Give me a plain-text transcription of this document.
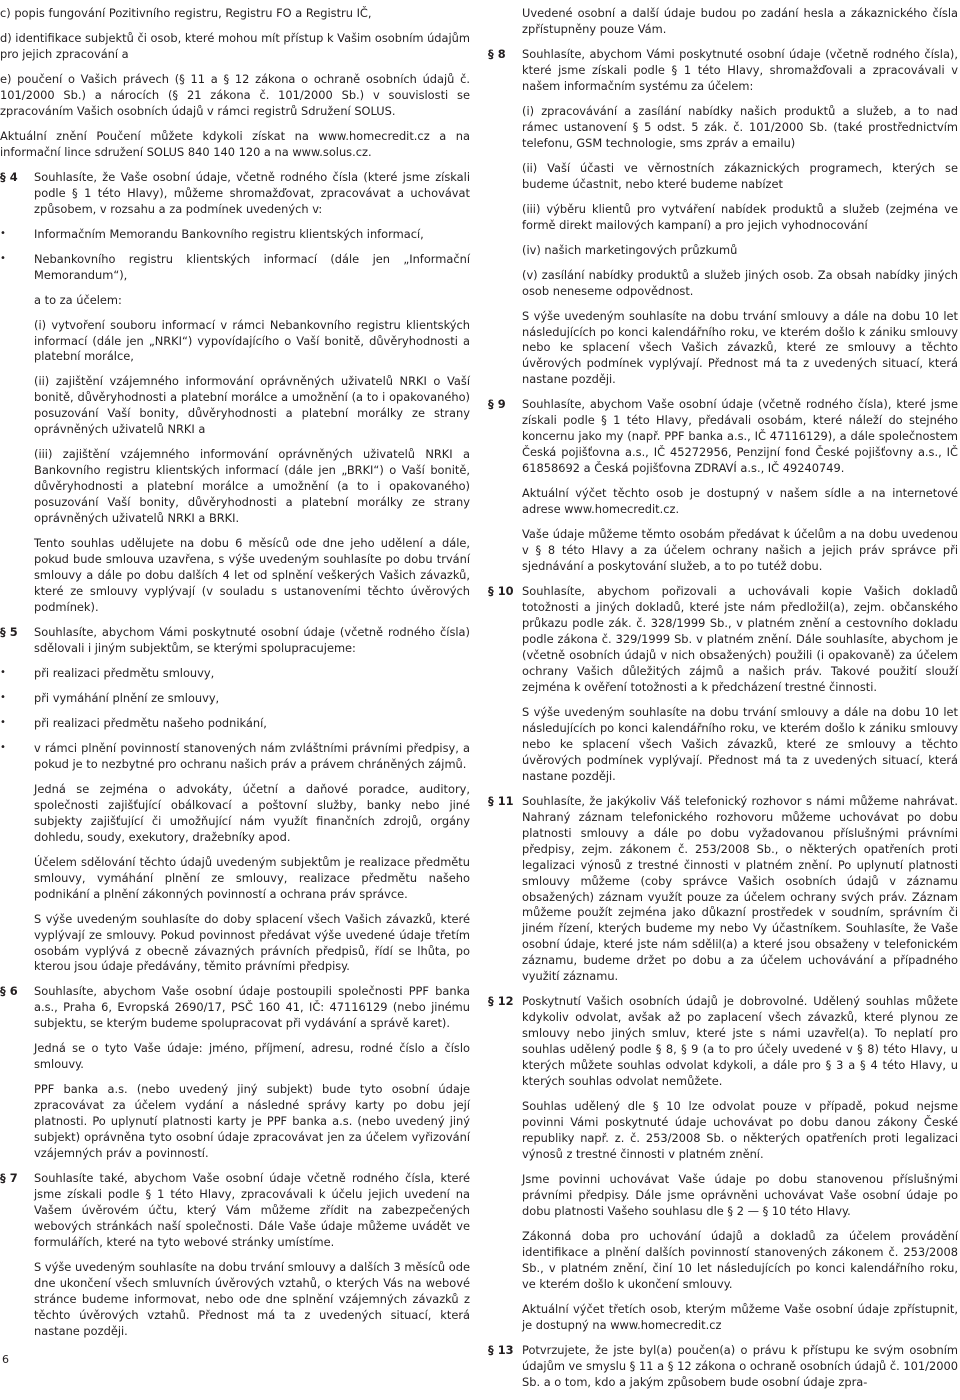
c) popis fungování Pozitivního registru, Registru FO a Registru IČ,

d) identifikace subjektů či osob, které mohou mít přístup k Vašim osobním údajům pro jejich zpracování a

e) poučení o Vašich právech (§ 11 a § 12 zákona o ochraně osobních údajů č. 101/2000 Sb.) a nárocích (§ 21 zákona č. 101/2000 Sb.) v souvislosti se zpracováním Vašich osobních údajů v rámci registrů Sdružení SOLUS.

Aktuální znění Poučení můžete kdykoli získat na www.homecredit.cz a na informační lince sdružení SOLUS 840 140 120 a na www.solus.cz.

§ 4	Souhlasíte, že Vaše osobní údaje, včetně rodného čísla (které jsme získali podle § 1 této Hlavy), můžeme shromažďovat, zpracovávat a uchovávat způsobem, v rozsahu a za podmínek uvedených v:

• Informačním Memorandu Bankovního registru klientských informací,
• Nebankovního registru klientských informací (dále jen „Informační Memorandum“),

a to za účelem:

(i) vytvoření souboru informací v rámci Nebankovního registru klientských informací (dále jen „NRKI“) vypovídajícího o Vaší bonitě, důvěryhodnosti a platební morálce,

(ii) zajištění vzájemného informování oprávněných uživatelů NRKI o Vaší bonitě, důvěryhodnosti a platební morálce a umožnění (a to i opakovaného) posuzování Vaší bonity, důvěryhodnosti a platební morálky ze strany oprávněných uživatelů NRKI a

(iii) zajištění vzájemného informování oprávněných uživatelů NRKI a Bankovního registru klientských informací (dále jen „BRKI“) o Vaší bonitě, důvěryhodnosti a platební morálce a umožnění (a to i opakovaného) posuzování Vaší bonity, důvěryhodnosti a platební morálky ze strany oprávněných uživatelů NRKI a BRKI.

Tento souhlas udělujete na dobu 6 měsíců ode dne jeho udělení a dále, pokud bude smlouva uzavřena, s výše uvedeným souhlasíte po dobu trvání smlouvy a dále po dobu dalších 4 let od splnění veškerých Vašich závazků, které ze smlouvy vyplývají (v souladu s ustanoveními těchto úvěrových podmínek).

§ 5	Souhlasíte, abychom Vámi poskytnuté osobní údaje (včetně rodného čísla) sdělovali i jiným subjektům, se kterými spolupracujeme:

• při realizaci předmětu smlouvy,
• při vymáhání plnění ze smlouvy,
• při realizaci předmětu našeho podnikání,
• v rámci plnění povinností stanovených nám zvláštními právními předpisy, a pokud je to nezbytné pro ochranu našich práv a právem chráněných zájmů.

Jedná se zejména o advokáty, účetní a daňové poradce, auditory, společnosti zajišťující obálkovací a poštovní služby, banky nebo jiné subjekty zajišťující či umožňující nám využít finančních zdrojů, orgány dohledu, soudy, exekutory, dražebníky apod.

Účelem sdělování těchto údajů uvedeným subjektům je realizace předmětu smlouvy, vymáhání plnění ze smlouvy, realizace předmětu našeho podnikání a plnění zákonných povinností a ochrana práv správce.

S výše uvedeným souhlasíte do doby splacení všech Vašich závazků, které vyplývají ze smlouvy. Pokud povinnost předávat výše uvedené údaje třetím osobám vyplývá z obecně závazných právních předpisů, řídí se lhůta, po kterou jsou údaje předávány, těmito právními předpisy.

§ 6	Souhlasíte, abychom Vaše osobní údaje postoupili společnosti PPF banka a.s., Praha 6, Evropská 2690/17, PSČ 160 41, IČ: 47116129 (nebo jinému subjektu, se kterým budeme spolupracovat při vydávání a správě karet).

Jedná se o tyto Vaše údaje: jméno, příjmení, adresu, rodné číslo a číslo smlouvy.

PPF banka a.s. (nebo uvedený jiný subjekt) bude tyto osobní údaje zpracovávat za účelem vydání a následné správy karty po dobu její platnosti. Po uplynutí platnosti karty je PPF banka a.s. (nebo uvedený jiný subjekt) oprávněna tyto osobní údaje zpracovávat jen za účelem vyřizování vzájemných práv a povinností.

§ 7	Souhlasíte také, abychom Vaše osobní údaje včetně rodného čísla, které jsme získali podle § 1 této Hlavy, zpracovávali k účelu jejich uvedení na Vašem úvěrovém účtu, který Vám můžeme zřídit na zabezpečených webových stránkách naší společnosti. Dále Vaše údaje můžeme uvádět ve formulářích, které na tyto webové stránky umístíme.

S výše uvedeným souhlasíte na dobu trvání smlouvy a dalších 3 měsíců ode dne ukončení všech smluvních úvěrových vztahů, o kterých Vás na webové stránce budeme informovat, nebo ode dne splnění vzájemných závazků z těchto úvěrových vztahů. Přednost má ta z uvedených situací, která nastane později.

Uvedené osobní a další údaje budou po zadání hesla a zákaznického čísla zpřístupněny pouze Vám.

§ 8	Souhlasíte, abychom Vámi poskytnuté osobní údaje (včetně rodného čísla), které jsme získali podle § 1 této Hlavy, shromažďovali a zpracovávali v našem informačním systému za účelem:

(i) zpracovávání a zasílání nabídky našich produktů a služeb, a to nad rámec ustanovení § 5 odst. 5 zák. č. 101/2000 Sb. (také prostřednictvím telefonu, GSM technologie, sms zpráv a emailu)

(ii) Vaší účasti ve věrnostních zákaznických programech, kterých se budeme účastnit, nebo které budeme nabízet

(iii) výběru klientů pro vytváření nabídek produktů a služeb (zejména ve formě direkt mailových kampaní) a pro jejich vyhodnocování

(iv) našich marketingových průzkumů

(v) zasílání nabídky produktů a služeb jiných osob. Za obsah nabídky jiných osob neneseme odpovědnost.

S výše uvedeným souhlasíte na dobu trvání smlouvy a dále na dobu 10 let následujících po konci kalendářního roku, ve kterém došlo k zániku smlouvy nebo ke splacení všech Vašich závazků, které ze smlouvy a těchto úvěrových podmínek vyplývají. Přednost má ta z uvedených situací, která nastane později.

§ 9	Souhlasíte, abychom Vaše osobní údaje (včetně rodného čísla), které jsme získali podle § 1 této Hlavy, předávali osobám, které náleží do stejného koncernu jako my (např. PPF banka a.s., IČ 47116129), a dále společnostem Česká pojišťovna a.s., IČ 45272956, Penzijní fond České pojišťovny a.s., IČ 61858692 a Česká pojišťovna ZDRAVÍ a.s., IČ 49240749.

Aktuální výčet těchto osob je dostupný v našem sídle a na internetové adrese www.homecredit.cz.

Vaše údaje můžeme těmto osobám předávat k účelům a na dobu uvedenou v § 8 této Hlavy a za účelem ochrany našich a jejich práv správce při sjednávání a poskytování služeb, a to po tutéž dobu.

§ 10 Souhlasíte, abychom pořizovali a uchovávali kopie Vašich dokladů totožnosti a jiných dokladů, které jste nám předložil(a), zejm. občanského průkazu podle zák. č. 328/1999 Sb., v platném znění a cestovního dokladu podle zákona č. 329/1999 Sb. v platném znění. Dále souhlasíte, abychom je (včetně osobních údajů v nich obsažených) použili (i opakovaně) za účelem ochrany Vašich důležitých zájmů a našich práv. Takové použití slouží zejména k ověření totožnosti a k předcházení trestné činnosti.

S výše uvedeným souhlasíte na dobu trvání smlouvy a dále na dobu 10 let následujících po konci kalendářního roku, ve kterém došlo k zániku smlouvy nebo ke splacení všech Vašich závazků, které ze smlouvy a těchto úvěrových podmínek vyplývají. Přednost má ta z uvedených situací, která nastane později.

§ 11 Souhlasíte, že jakýkoliv Váš telefonický rozhovor s námi můžeme nahrávat. Nahraný záznam telefonického rozhovoru můžeme uchovávat po dobu platnosti smlouvy a dále po dobu vyžadovanou příslušnými právními předpisy, zejm. zákonem č. 253/2008 Sb., o některých opatřeních proti legalizaci výnosů z trestné činnosti v platném znění. Po uplynutí platnosti smlouvy můžeme (coby správce Vašich osobních údajů v záznamu obsažených) záznam využít pouze za účelem ochrany svých práv. Záznam můžeme použít zejména jako důkazní prostředek v soudním, správním či jiném řízení, kterých budeme my nebo Vy účastníkem. Souhlasíte, že Vaše osobní údaje, které jste nám sdělil(a) a které jsou obsaženy v telefonickém záznamu, budeme držet po dobu a za účelem uchovávání a případného využití záznamu.

§ 12 Poskytnutí Vašich osobních údajů je dobrovolné. Udělený souhlas můžete kdykoliv odvolat, avšak až po zaplacení všech závazků, které plynou ze smlouvy nebo jiných smluv, které jste s námi uzavřel(a). To neplatí pro souhlas udělený podle § 8, § 9 (a to pro účely uvedené v § 8) této Hlavy, u kterých můžete souhlas odvolat kdykoli, a dále pro § 3 a § 4 této Hlavy, u kterých souhlas odvolat nemůžete.

Souhlas udělený dle § 10 lze odvolat pouze v případě, pokud nejsme povinni Vámi poskytnuté údaje uchovávat po dobu danou zákony České republiky např. z. č. 253/2008 Sb. o některých opatřeních proti legalizaci výnosů z trestné činnosti v platném znění.

Jsme povinni uchovávat Vaše údaje po dobu stanovenou příslušnými právními předpisy. Dále jsme oprávněni uchovávat Vaše osobní údaje po dobu platnosti Vašeho souhlasu dle § 2 — § 10 této Hlavy.

Zákonná doba pro uchování údajů a dokladů za účelem provádění identifikace a plnění dalších povinností stanovených zákonem č. 253/2008 Sb., v platném znění, činí 10 let následujících po konci kalendářního roku, ve kterém došlo k ukončení smlouvy.

Aktuální výčet třetích osob, kterým můžeme Vaše osobní údaje zpřístupnit, je dostupný na www.homecredit.cz

§ 13 Potvrzujete, že jste byl(a) poučen(a) o právu k přístupu ke svým osobním údajům ve smyslu § 11 a § 12 zákona o ochraně osobních údajů č. 101/2000 Sb. a o tom, kdo a jakým způsobem bude osobní údaje zpra-

6
